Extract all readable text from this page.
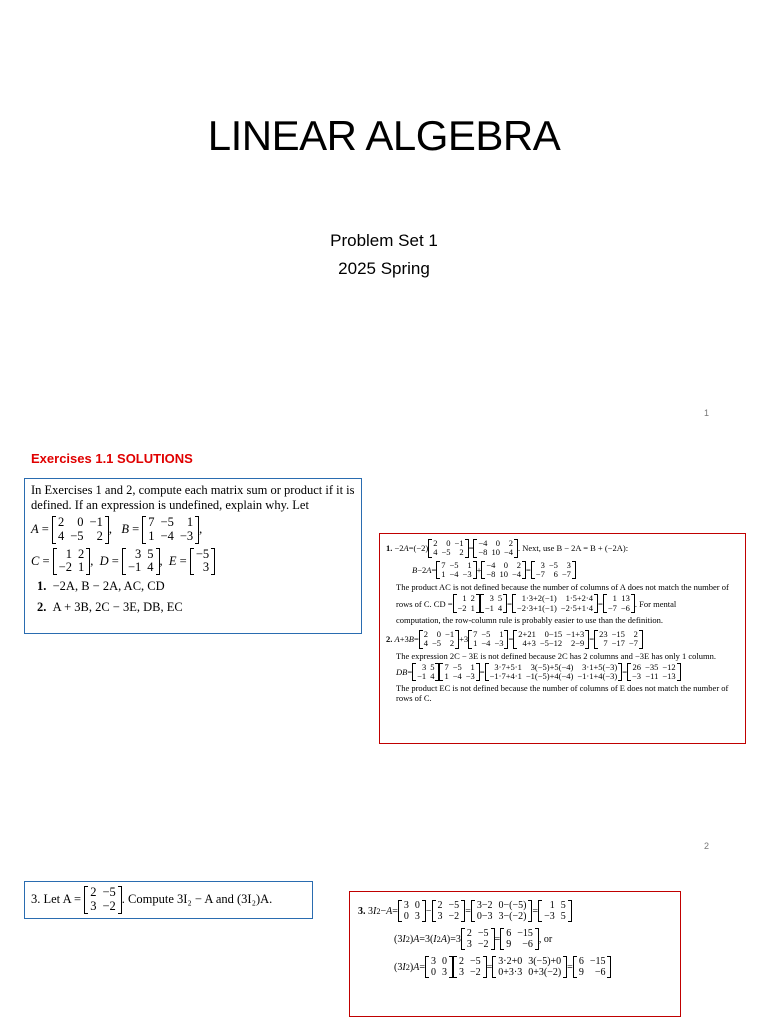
LINEAR ALGEBRA
Problem Set 1
2025 Spring
1
Exercises 1.1 SOLUTIONS
In Exercises 1 and 2, compute each matrix sum or product if it is defined. If an expression is undefined, explain why. Let
A =
2	0	−1
4	−5	2 , B =
7	−5	1
1	−4	−3 ,
C =
1	2
−2	1 , D =
3	5
−1	4 , E =
−5
3
1. −2A, B − 2A, AC, CD
2. A + 3B, 2C − 3E, DB, EC
1. −2 A =(−2)
2	0	−1
4	−5	2 =
−4	0	2
−8	10	−4 . Next, use B − 2A = B + (−2A):
B −2 A =
7	−5	1
1	−4	−3 +
−4	0	2
−8	10	−4 =
3	−5	3
−7	6	−7
The product AC is not defined because the number of columns of A does not match the number of
rows of C. CD =
1	2
−2	1
3	5
−1	4 =
1·3+2(−1)	1·5+2·4
−2·3+1(−1)	−2·5+1·4 =
1	13
−7	−6 . For mental
computation, the row-column rule is probably easier to use than the definition.
2.
A +3 B =
2	0	−1
4	−5	2 +3
7	−5	1
1	−4	−3 =
2+21	0−15	−1+3
4+3	−5−12	2−9 =
23	−15	2
7	−17	−7
The expression 2C − 3E is not defined because 2C has 2 columns and −3E has only 1 column.
DB =
3	5
−1	4
7	−5	1
1	−4	−3 =
3·7+5·1	3(−5)+5(−4)	3·1+5(−3)
−1·7+4·1	−1(−5)+4(−4)	−1·1+4(−3) =
26	−35	−12
−3	−11	−13
The product EC is not defined because the number of columns of E does not match the number of
rows of C.
2
3. Let A =

2	−5
3	−2 . Compute 3I₂ − A and (3I₂)A.
3. 3 I 2 − A = 3	0
0	3 − 2	−5
3	−2 = 3−2	0−(−5)
0−3	3−(−2) = 1	5
−3	5
(3 I 2 ) A =3( I 2 A )=3 2	−5
3	−2 = 6	−15
9	−6 , or
(3 I 2 ) A = 3	0
0	3
2	−5
3	−2 = 3·2+0	3(−5)+0
0+3·3	0+3(−2) = 6	−15
9	−6
